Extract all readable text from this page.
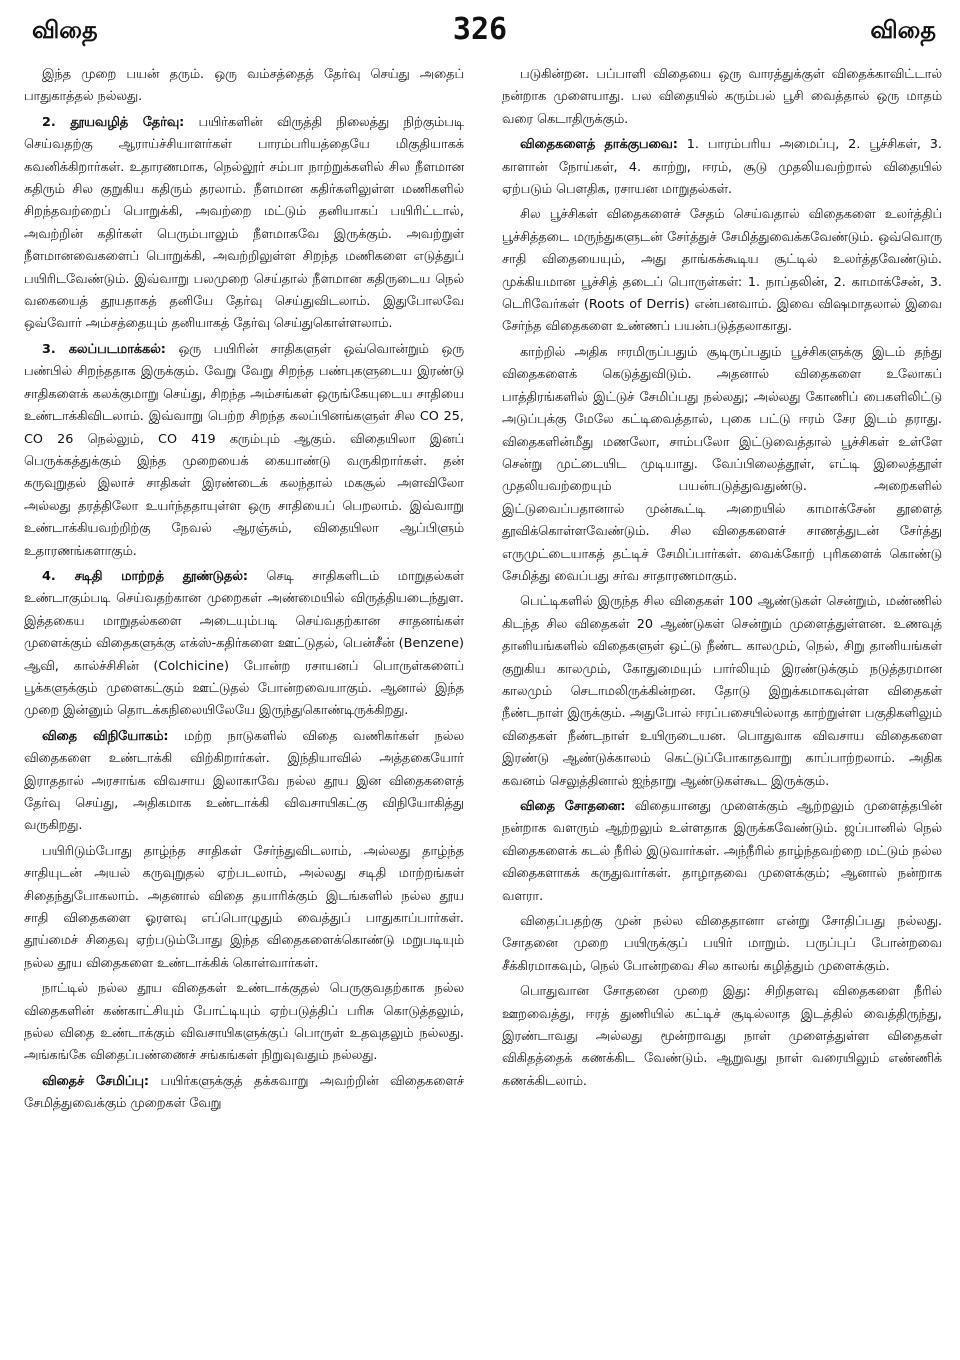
விதை	326	விதை

இந்த முறை பயன் தரும். ஒரு வம்சத்தைத் தேர்வு செய்து அதைப் பாதுகாத்தல் நல்லது.

2. தூயவழித் தேர்வு: பயிர்களின் விருத்தி நிலைத்து நிற்கும்படி செய்வதற்கு ஆராய்ச்சியாளர்கள் பாரம்பரியத்தையே மிகுதியாகக் கவனிக்கிறார்கள். உதாரணமாக, நெல்லூர் சம்பா நாற்றுக்களில் சில நீளமான கதிரும் சில குறுகிய கதிரும் தரலாம். நீளமான கதிர்களிலுள்ள மணிகளில் சிறந்தவற்றைப் பொறுக்கி, அவற்றை மட்டும் தனியாகப் பயிரிட்டால், அவற்றின் கதிர்கள் பெரும்பாலும் நீளமாகவே இருக்கும். அவற்றுள் நீளமானவைகளைப் பொறுக்கி, அவற்றிலுள்ள சிறந்த மணிகளை எடுத்துப் பயிரிடவேண்டும். இவ்வாறு பலமுறை செய்தால் நீளமான கதிருடைய நெல் வகையைத் தூயதாகத் தனியே தேர்வு செய்துவிடலாம். இதுபோலவே ஒவ்வோர் அம்சத்தையும் தனியாகத் தேர்வு செய்துகொள்ளலாம்.

3. கலப்படமாக்கல்: ஒரு பயிரின் சாதிகளுள் ஒவ்வொன்றும் ஒரு பண்பில் சிறந்ததாக இருக்கும். வேறு வேறு சிறந்த பண்புகளுடைய இரண்டு சாதிகளைக் கலக்குமாறு செய்து, சிறந்த அம்சங்கள் ஒருங்கேயுடைய சாதியை உண்டாக்கிவிடலாம். இவ்வாறு பெற்ற சிறந்த கலப்பினங்களுள் சில CO 25, CO 26 நெல்லும், CO 419 கரும்பும் ஆகும். விதையிலா இனப் பெருக்கத்துக்கும் இந்த முறையைக் கையாண்டு வருகிறார்கள். தன் கருவுறுதல் இலாச் சாதிகள் இரண்டைக் கலந்தால் மகசூல் அளவிலோ அல்லது தரத்திலோ உயர்ந்ததாயுள்ள ஒரு சாதியைப் பெறலாம். இவ்வாறு உண்டாக்கியவற்றிற்கு நேவல் ஆரஞ்சும், விதையிலா ஆப்பிளும் உதாரணங்களாகும்.

4. சடிதி மாற்றத் தூண்டுதல்: செடி சாதிகளிடம் மாறுதல்கள் உண்டாகும்படி செய்வதற்கான முறைகள் அண்மையில் விருத்தியடைந்துள. இத்தகைய மாறுதல்களை அடையும்படி செய்வதற்கான சாதனங்கள் முளைக்கும் விதைகளுக்கு எக்ஸ்-கதிர்களை ஊட்டுதல், பென்சீன் (Benzene) ஆவி, கால்ச்சிசின் (Colchicine) போன்ற ரசாயனப் பொருள்களைப் பூக்களுக்கும் முளைகட்கும் ஊட்டுதல் போன்றவையாகும். ஆனால் இந்த முறை இன்னும் தொடக்கநிலையிலேயே இருந்துகொண்டிருக்கிறது.

விதை விநியோகம்: மற்ற நாடுகளில் விதை வணிகர்கள் நல்ல விதைகளை உண்டாக்கி விற்கிறார்கள். இந்தியாவில் அத்தகையோர் இராததால் அரசாங்க விவசாய இலாகாவே நல்ல தூய இன விதைகளைத் தேர்வு செய்து, அதிகமாக உண்டாக்கி விவசாயிகட்கு விநியோகித்து வருகிறது.

பயிரிடும்போது தாழ்ந்த சாதிகள் சேர்ந்துவிடலாம், அல்லது தாழ்ந்த சாதியுடன் அயல் கருவுறுதல் ஏற்படலாம், அல்லது சடிதி மாற்றங்கள் சிதைந்துபோகலாம். அதனால் விதை தயாரிக்கும் இடங்களில் நல்ல தூய சாதி விதைகளை ஓரளவு எப்பொழுதும் வைத்துப் பாதுகாப்பார்கள். தூய்மைச் சிதைவு ஏற்படும்போது இந்த விதைகளைக்கொண்டு மறுபடியும் நல்ல தூய விதைகளை உண்டாக்கிக் கொள்வார்கள்.

நாட்டில் நல்ல தூய விதைகள் உண்டாக்குதல் பெருகுவதற்காக நல்ல விதைகளின் கண்காட்சியும் போட்டியும் ஏற்படுத்திப் பரிசு கொடுத்தலும், நல்ல விதை உண்டாக்கும் விவசாயிகளுக்குப் பொருள் உதவுதலும் நல்லது. அங்கங்கே விதைப்பண்ணைச் சங்கங்கள் நிறுவுவதும் நல்லது.

விதைச் சேமிப்பு: பயிர்களுக்குத் தக்கவாறு அவற்றின் விதைகளைச் சேமித்துவைக்கும் முறைகள் வேறு

படுகின்றன. பப்பாளி விதையை ஒரு வாரத்துக்குள் விதைக்காவிட்டால் நன்றாக முளையாது. பல விதையில் கரும்பல் பூசி வைத்தால் ஒரு மாதம் வரை கெடாதிருக்கும்.

விதைகளைத் தாக்குபவை: 1. பாரம்பரிய அமைப்பு, 2. பூச்சிகள், 3. காளான் நோய்கள், 4. காற்று, ஈரம், சூடு முதலியவற்றால் விதையில் ஏற்படும் பௌதிக, ரசாயன மாறுதல்கள்.

சில பூச்சிகள் விதைகளைச் சேதம் செய்வதால் விதைகளை உலர்த்திப் பூச்சித்தடை மருந்துகளுடன் சேர்த்துச் சேமித்துவைக்கவேண்டும். ஒவ்வொரு சாதி விதையையும், அது தாங்கக்கூடிய சூட்டில் உலர்த்தவேண்டும். முக்கியமான பூச்சித் தடைப் பொருள்கள்: 1. நாப்தலின், 2. காமாக்சேன், 3. டெரிவேர்கள் (Roots of Derris) என்பனவாம். இவை விஷமாதலால் இவை சேர்ந்த விதைகளை உண்ணப் பயன்படுத்தலாகாது.

காற்றில் அதிக ஈரமிருப்பதும் சூடிருப்பதும் பூச்சிகளுக்கு இடம் தந்து விதைகளைக் கெடுத்துவிடும். அதனால் விதைகளை உலோகப் பாத்திரங்களில் இட்டுச் சேமிப்பது நல்லது; அல்லது கோணிப் பைகளிலிட்டு அடுப்புக்கு மேலே கட்டிவைத்தால், புகை பட்டு ஈரம் சேர இடம் தராது. விதைகளின்மீது மணலோ, சாம்பலோ இட்டுவைத்தால் பூச்சிகள் உள்ளே சென்று முட்டையிட முடியாது. வேப்பிலைத்தூள், எட்டி இலைத்தூள் முதலியவற்றையும் பயன்படுத்துவதுண்டு. அறைகளில் இட்டுவைப்பதானால் முன்கூட்டி அறையில் காமாக்சேன் தூளைத் தூவிக்கொள்ளவேண்டும். சில விதைகளைச் சாணத்துடன் சேர்த்து எருமுட்டையாகத் தட்டிச் சேமிப்பார்கள். வைக்கோற் புரிகளைக் கொண்டு சேமித்து வைப்பது சர்வ சாதாரணமாகும்.

பெட்டிகளில் இருந்த சில விதைகள் 100 ஆண்டுகள் சென்றும், மண்ணில் கிடந்த சில விதைகள் 20 ஆண்டுகள் சென்றும் முளைத்துள்ளன. உணவுத் தானியங்களில் விதைகளுள் ஒட்டு நீண்ட காலமும், நெல், சிறு தானியங்கள் குறுகிய காலமும், கோதுமையும் பார்லியும் இரண்டுக்கும் நடுத்தரமான காலமும் செடாமலிருக்கின்றன. தோடு இறுக்கமாகவுள்ள விதைகள் நீண்டநாள் இருக்கும். அதுபோல் ஈரப்பசையில்லாத காற்றுள்ள பகுதிகளிலும் விதைகள் நீண்டநாள் உயிருடையன. பொதுவாக விவசாய விதைகளை இரண்டு ஆண்டுக்காலம் கெட்டுப்போகாதவாறு காப்பாற்றலாம். அதிக கவனம் செலுத்தினால் ஐந்தாறு ஆண்டுகள்கூட இருக்கும்.

விதை சோதனை: விதையானது முளைக்கும் ஆற்றலும் முளைத்தபின் நன்றாக வளரும் ஆற்றலும் உள்ளதாக இருக்கவேண்டும். ஜப்பானில் நெல் விதைகளைக் கடல் நீரில் இடுவார்கள். அந்நீரில் தாழ்ந்தவற்றை மட்டும் நல்ல விதைகளாகக் கருதுவார்கள். தாழாதவை முளைக்கும்; ஆனால் நன்றாக வளரா.

விதைப்பதற்கு முன் நல்ல விதைதானா என்று சோதிப்பது நல்லது. சோதனை முறை பயிருக்குப் பயிர் மாறும். பருப்புப் போன்றவை சீக்கிரமாகவும், நெல் போன்றவை சில காலங் கழித்தும் முளைக்கும்.

பொதுவான சோதனை முறை இது: சிறிதளவு விதைகளை நீரில் ஊறவைத்து, ஈரத் துணியில் கட்டிச் சூடில்லாத இடத்தில் வைத்திருந்து, இரண்டாவது அல்லது மூன்றாவது நாள் முளைத்துள்ள விதைகள் விகிதத்தைக் கணக்கிட வேண்டும். ஆறுவது நாள் வரையிலும் எண்ணிக் கணக்கிடலாம்.
